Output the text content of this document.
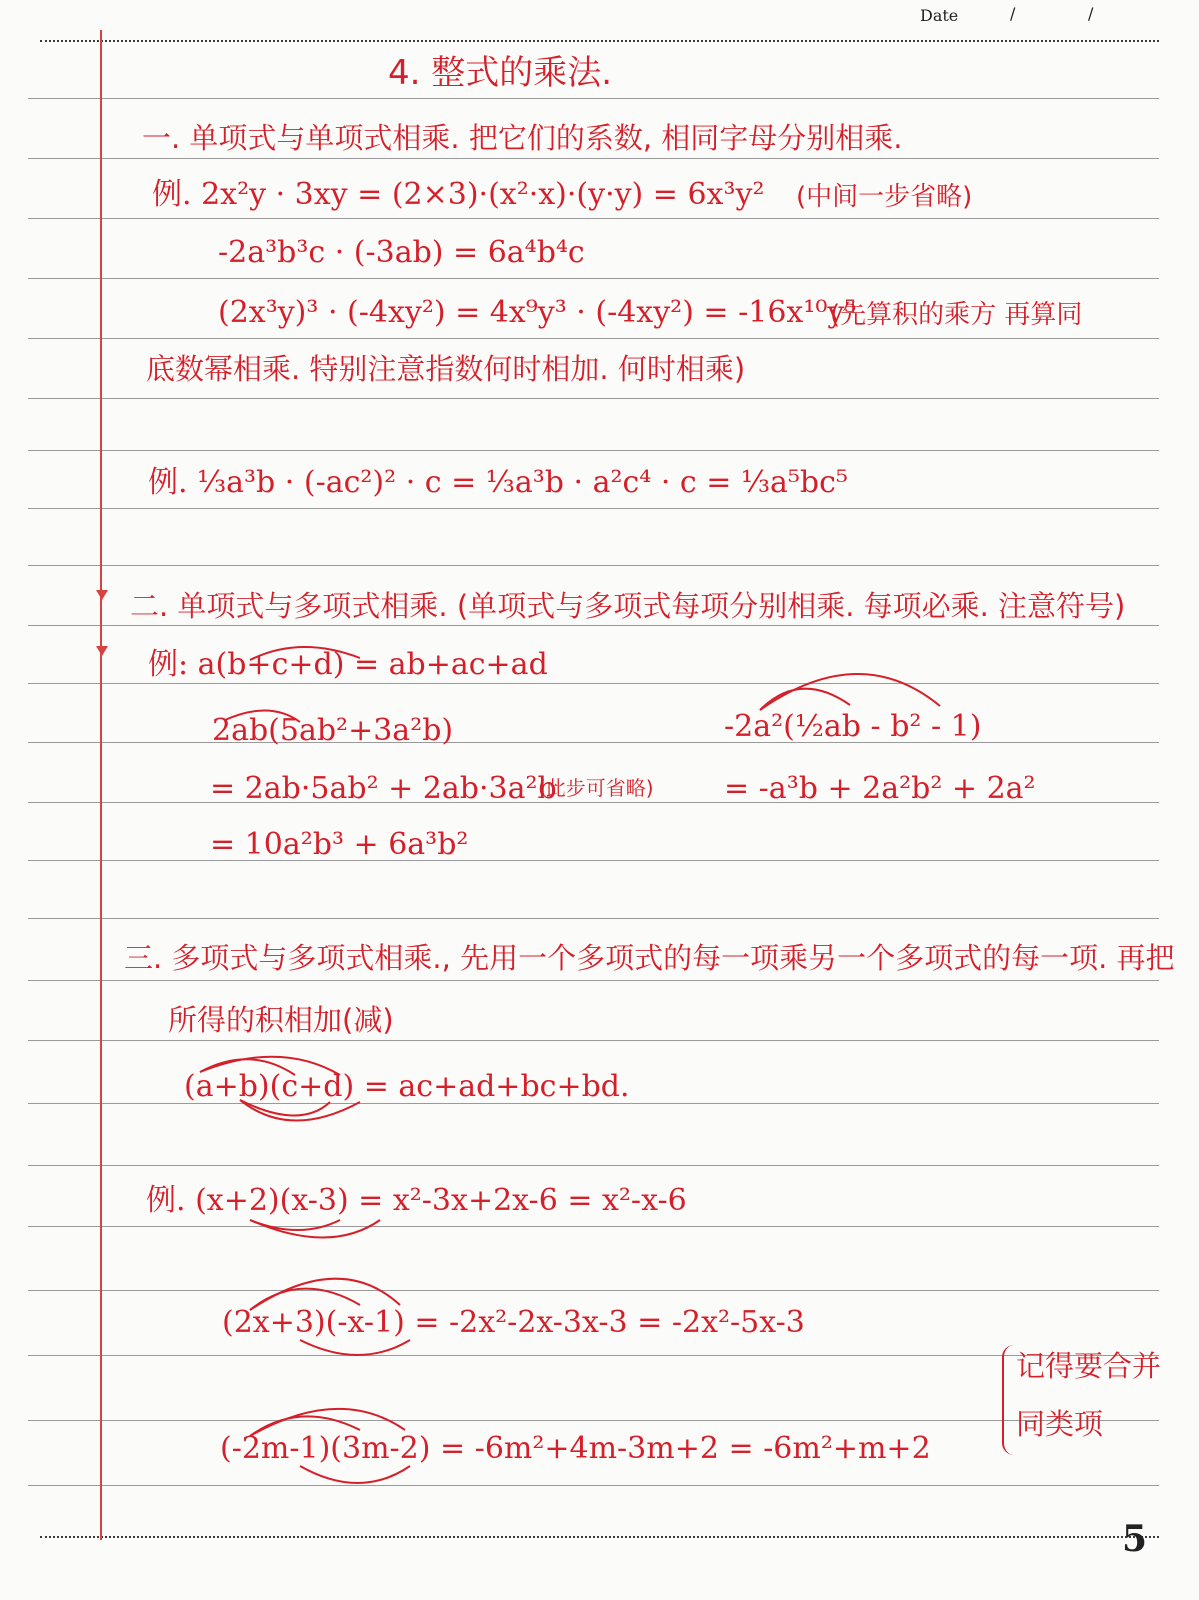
Date	/	/
4. 整式的乘法.
一. 单项式与单项式相乘. 把它们的系数, 相同字母分别相乘.
例. 2x²y · 3xy = (2×3)·(x²·x)·(y·y) = 6x³y² (中间一步省略)
-2a³b³c · (-3ab) = 6a⁴b⁴c
(2x³y)³ · (-4xy²) = 4x⁹y³ · (-4xy²) = -16x¹⁰y⁵
(先算积的乘方 再算同
底数幂相乘. 特别注意指数何时相加. 何时相乘)
例. ⅓a³b · (-ac²)² · c = ⅓a³b · a²c⁴ · c = ⅓a⁵bc⁵
二. 单项式与多项式相乘. (单项式与多项式每项分别相乘. 每项必乘. 注意符号)
例: a(b+c+d) = ab+ac+ad
2ab(5ab²+3a²b)
= 2ab·5ab² + 2ab·3a²b
(此步可省略)
= 10a²b³ + 6a³b²
-2a²(½ab - b² - 1)
= -a³b + 2a²b² + 2a²
三. 多项式与多项式相乘., 先用一个多项式的每一项乘另一个多项式的每一项. 再把
所得的积相加(减)
(a+b)(c+d) = ac+ad+bc+bd.
例. (x+2)(x-3) = x²-3x+2x-6 = x²-x-6
(2x+3)(-x-1) = -2x²-2x-3x-3 = -2x²-5x-3
(-2m-1)(3m-2) = -6m²+4m-3m+2 = -6m²+m+2
记得要合并
同类项
5
